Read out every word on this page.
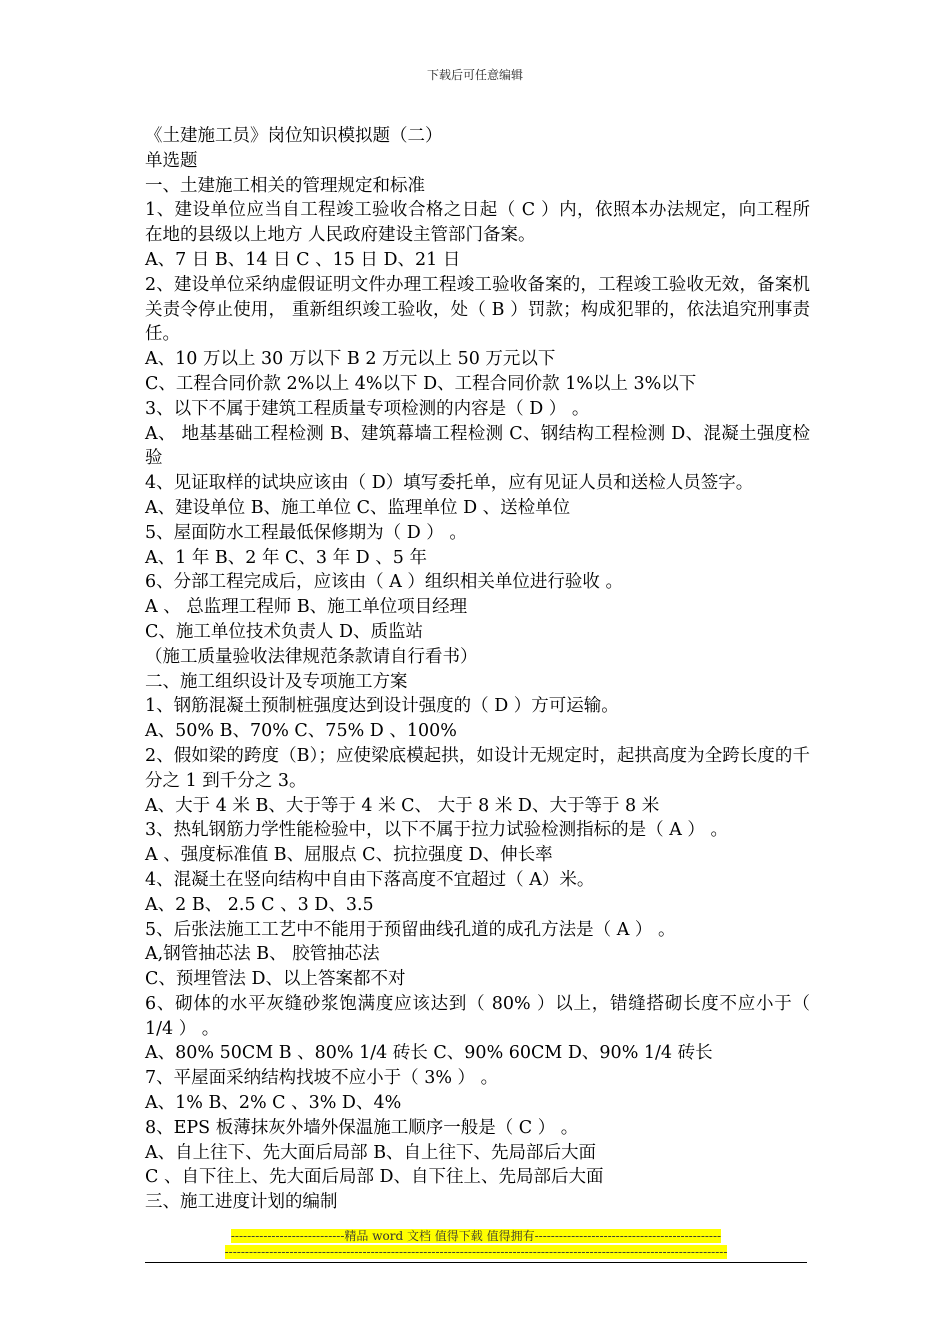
下载后可任意编辑

《土建施工员》岗位知识模拟题（二）

单选题

一、土建施工相关的管理规定和标准

1、建设单位应当自工程竣工验收合格之日起（ C ）内，依照本办法规定，向工程所在地的县级以上地方 人民政府建设主管部门备案。

A、7 日 B、14 日 C 、15 日 D、21 日

2、建设单位采纳虚假证明文件办理工程竣工验收备案的，工程竣工验收无效，备案机关责令停止使用， 重新组织竣工验收，处（ B ）罚款；构成犯罪的，依法追究刑事责任。

A、10 万以上 30 万以下 B 2 万元以上 50 万元以下

C、工程合同价款 2%以上 4%以下 D、工程合同价款 1%以上 3%以下

3、以下不属于建筑工程质量专项检测的内容是（ D ） 。

A、 地基基础工程检测 B、建筑幕墙工程检测 C、钢结构工程检测 D、混凝土强度检验

4、见证取样的试块应该由（ D）填写委托单，应有见证人员和送检人员签字。

A、建设单位 B、施工单位 C、监理单位 D 、送检单位

5、屋面防水工程最低保修期为（ D ） 。

A、1 年 B、2 年 C、3 年 D 、5 年

6、分部工程完成后，应该由（ A ）组织相关单位进行验收 。

A 、 总监理工程师 B、施工单位项目经理

C、施工单位技术负责人 D、质监站

（施工质量验收法律规范条款请自行看书）

二、施工组织设计及专项施工方案

1、钢筋混凝土预制桩强度达到设计强度的（ D ）方可运输。

A、50% B、70% C、75% D 、100%

2、假如梁的跨度（B）；应使梁底模起拱，如设计无规定时，起拱高度为全跨长度的千分之 1 到千分之 3。

A、大于 4 米 B、大于等于 4 米 C、 大于 8 米 D、大于等于 8 米

3、热轧钢筋力学性能检验中，以下不属于拉力试验检测指标的是（ A ） 。

A 、强度标准值 B、屈服点 C、抗拉强度 D、伸长率

4、混凝土在竖向结构中自由下落高度不宜超过（ A）米。

A、2 B、 2.5 C 、3 D、3.5

5、后张法施工工艺中不能用于预留曲线孔道的成孔方法是（ A ） 。

A,钢管抽芯法 B、 胶管抽芯法

C、预埋管法 D、以上答案都不对

6、砌体的水平灰缝砂浆饱满度应该达到（ 80% ）以上，错缝搭砌长度不应小于（ 1/4 ） 。

A、80% 50CM B 、80% 1/4 砖长 C、90% 60CM D、90% 1/4 砖长

7、平屋面采纳结构找坡不应小于（ 3% ） 。

A、1% B、2% C 、3% D、4%

8、EPS 板薄抹灰外墙外保温施工顺序一般是（ C ） 。

A、自上往下、先大面后局部 B、自上往下、先局部后大面

C 、自下往上、先大面后局部 D、自下往上、先局部后大面

三、施工进度计划的编制

----------------------------精品 word 文档 值得下载 值得拥有----------------------------------------------
----------------------------------------------------------------------------------------------------------------------------
